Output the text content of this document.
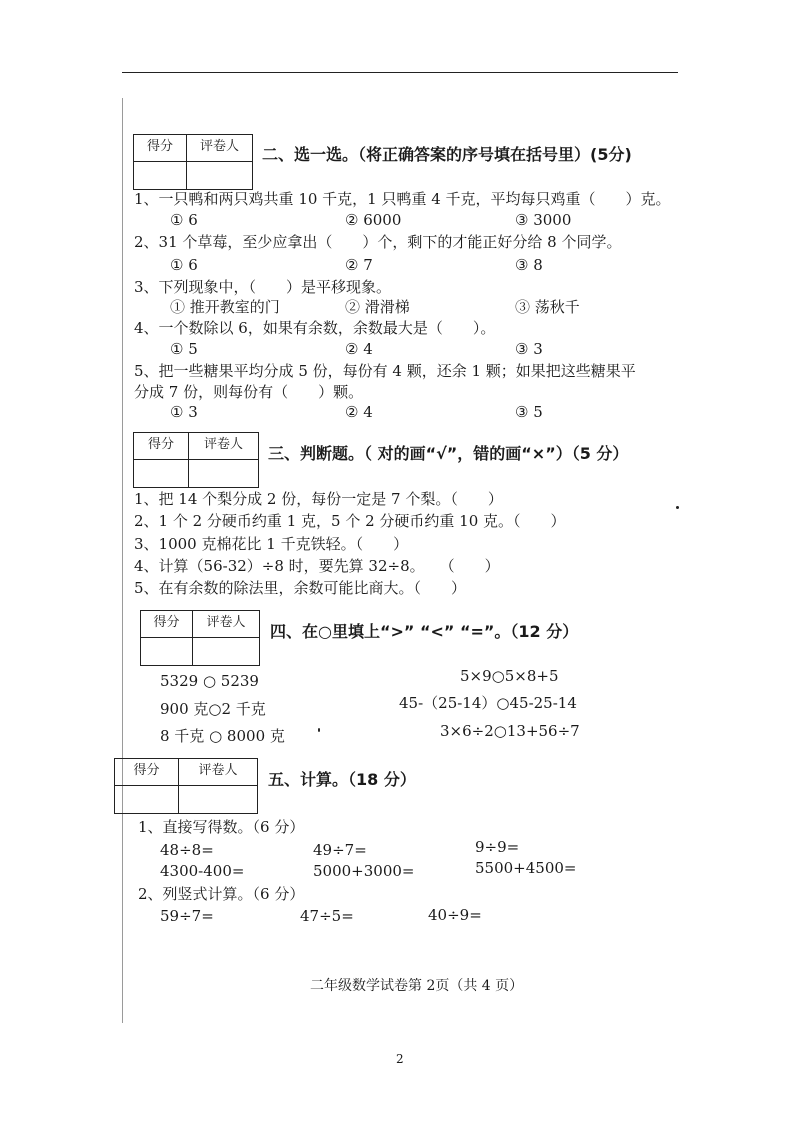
得分	评卷人	二、选一选。（将正确答案的序号填在括号里）(5分)
1、一只鸭和两只鸡共重 10 千克，1 只鸭重 4 千克，平均每只鸡重（　　）克。
① 6	② 6000	③ 3000
2、31 个草莓，至少应拿出（　　）个，剩下的才能正好分给 8 个同学。
① 6	② 7	③ 8
3、下列现象中，（　　）是平移现象。
① 推开教室的门	② 滑滑梯	③ 荡秋千
4、一个数除以 6，如果有余数，余数最大是（　　）。
① 5	② 4	③ 3
5、把一些糖果平均分成 5 份，每份有 4 颗，还余 1 颗；如果把这些糖果平
分成 7 份，则每份有（　　）颗。
① 3	② 4	③ 5
得分	评卷人	三、判断题。（ 对的画“√”，错的画“×”）（5 分）
1、把 14 个梨分成 2 份，每份一定是 7 个梨。（　　）
2、1 个 2 分硬币约重 1 克，5 个 2 分硬币约重 10 克。（　　）
3、1000 克棉花比 1 千克铁轻。（　　）
4、计算（56-32）÷8 时，要先算 32÷8。　　（　　）
5、在有余数的除法里，余数可能比商大。（　　）
得分	评卷人	四、在○里填上“>” “<” “=”。（12 分）
5329 ○ 5239
900 克○2 千克
8 千克 ○ 8000 克
5×9○5×8+5
45-（25-14）○45-25-14
3×6÷2○13+56÷7
得分	评卷人	五、计算。（18 分）
1、直接写得数。（6 分）
48÷8=	49÷7=	9÷9=
4300-400=	5000+3000=	5500+4500=
2、列竖式计算。（6 分）
59÷7=	47÷5=	40÷9=
二年级数学试卷第 2页（共 4 页）
2
